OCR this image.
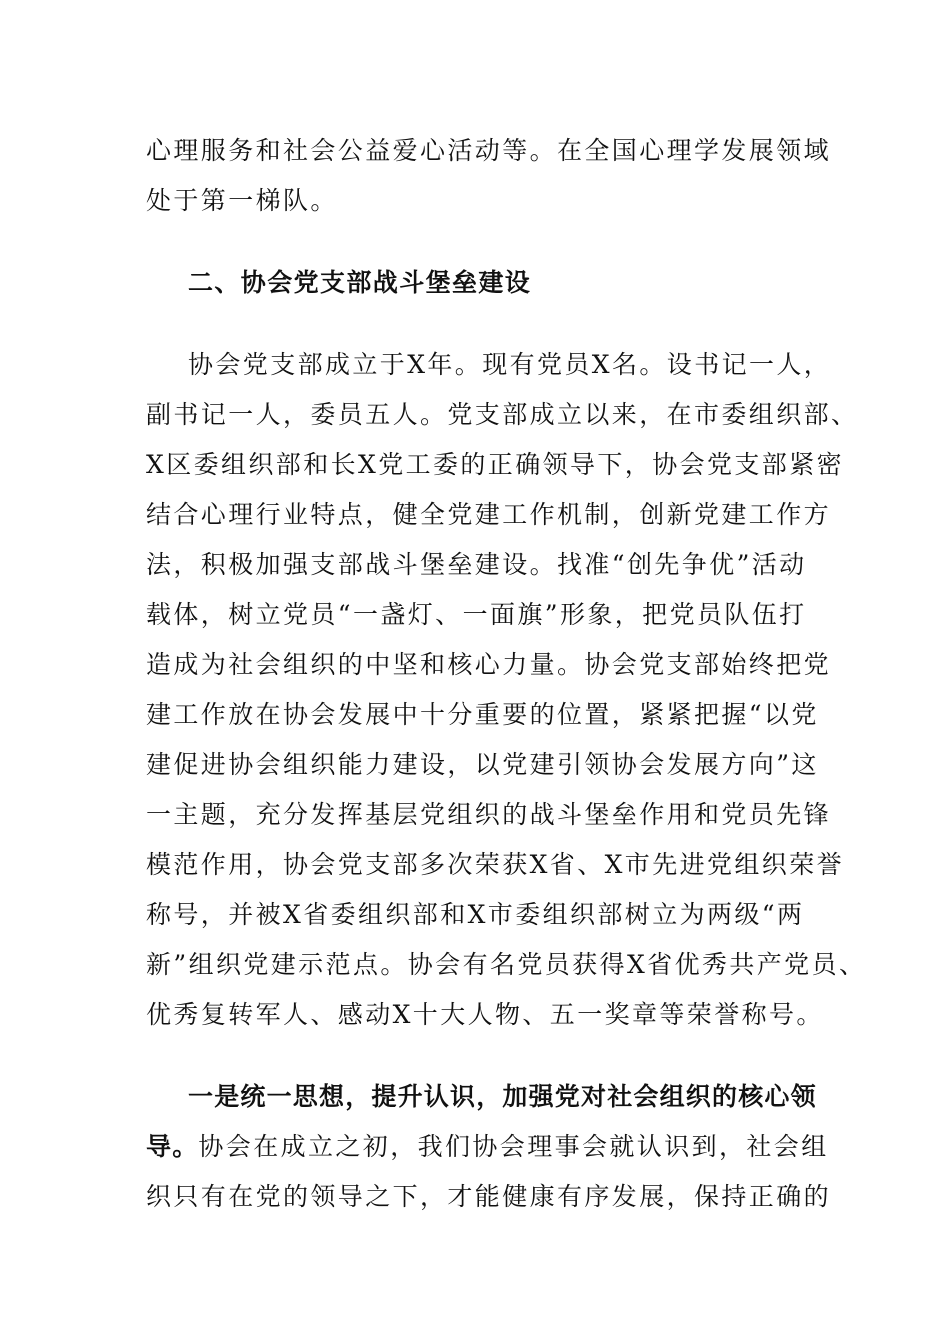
心理服务和社会公益爱心活动等。在全国心理学发展领域
处于第一梯队。
二、协会党支部战斗堡垒建设
协会党支部成立于X年。现有党员X名。设书记一人，
副书记一人，委员五人。党支部成立以来，在市委组织部、
X区委组织部和长X党工委的正确领导下，协会党支部紧密
结合心理行业特点，健全党建工作机制，创新党建工作方
法，积极加强支部战斗堡垒建设。找准“创先争优”活动
载体，树立党员“一盏灯、一面旗”形象，把党员队伍打
造成为社会组织的中坚和核心力量。协会党支部始终把党
建工作放在协会发展中十分重要的位置，紧紧把握“以党
建促进协会组织能力建设，以党建引领协会发展方向”这
一主题，充分发挥基层党组织的战斗堡垒作用和党员先锋
模范作用，协会党支部多次荣获X省、X市先进党组织荣誉
称号，并被X省委组织部和X市委组织部树立为两级“两
新”组织党建示范点。协会有名党员获得X省优秀共产党员、
优秀复转军人、感动X十大人物、五一奖章等荣誉称号。
一是统一思想，提升认识，加强党对社会组织的核心领
导。协会在成立之初，我们协会理事会就认识到，社会组
织只有在党的领导之下，才能健康有序发展，保持正确的
